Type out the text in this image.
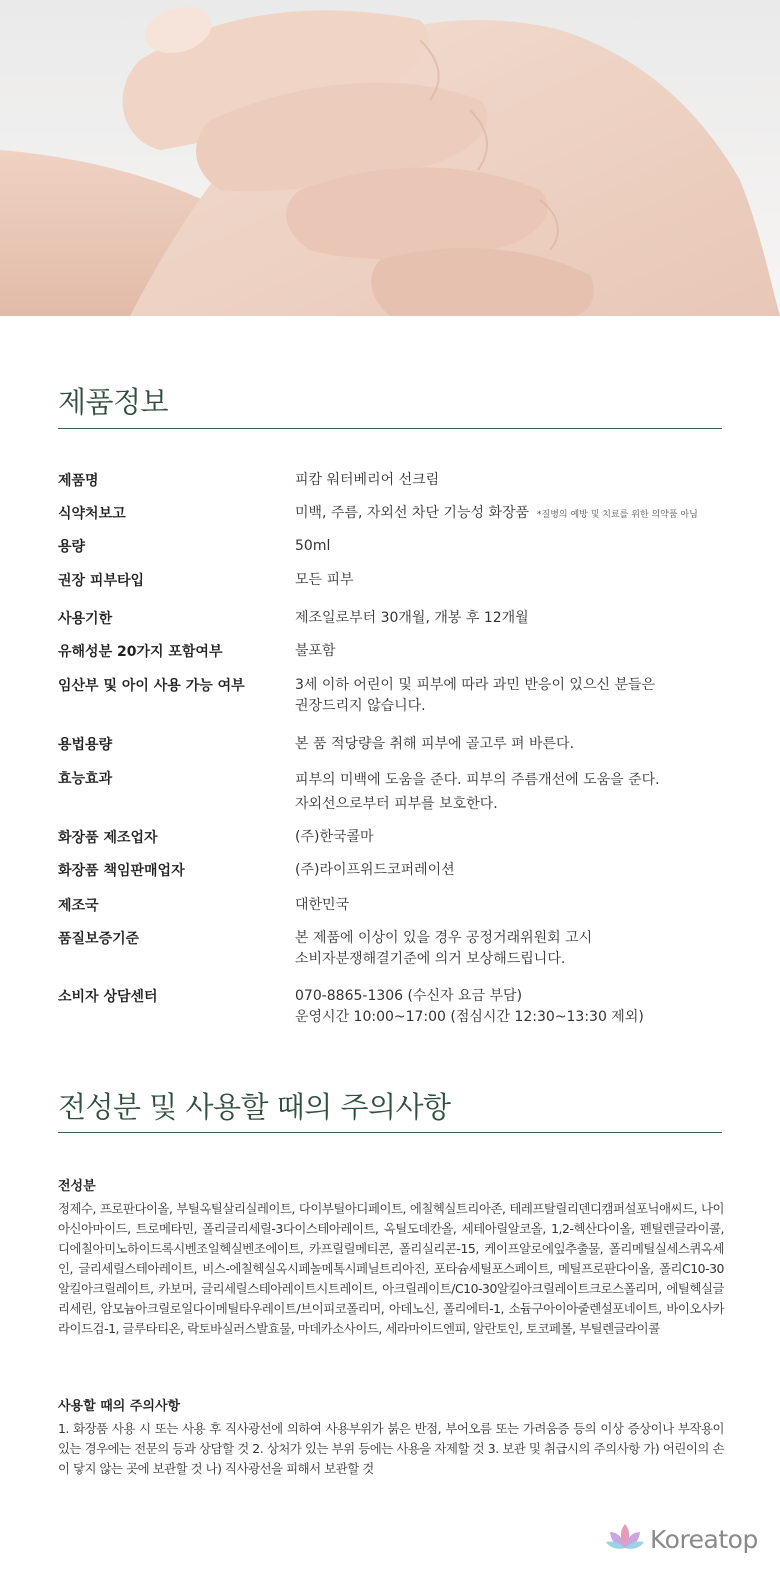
제품정보
제품명	피캄 워터베리어 선크림
식약처보고	미백, 주름, 자외선 차단 기능성 화장품 *질병의 예방 및 치료를 위한 의약품 아님
용량	50ml
권장 피부타입	모든 피부
사용기한	제조일로부터 30개월, 개봉 후 12개월
유해성분 20가지 포함여부	불포함
임산부 및 아이 사용 가능 여부	3세 이하 어린이 및 피부에 따라 과민 반응이 있으신 분들은
권장드리지 않습니다.
용법용량	본 품 적당량을 취해 피부에 골고루 펴 바른다.
효능효과	피부의 미백에 도움을 준다. 피부의 주름개선에 도움을 준다.
자외선으로부터 피부를 보호한다.
화장품 제조업자	(주)한국콜마
화장품 책임판매업자	(주)라이프위드코퍼레이션
제조국	대한민국
품질보증기준	본 제품에 이상이 있을 경우 공정거래위원회 고시
소비자분쟁해결기준에 의거 보상해드립니다.
소비자 상담센터	070-8865-1306 (수신자 요금 부담)
운영시간 10:00~17:00 (점심시간 12:30~13:30 제외)
전성분 및 사용할 때의 주의사항
전성분
정제수, 프로판다이올, 부틸옥틸살리실레이트, 다이부틸아디페이트, 에칠헥실트리아존, 테레프탈릴리덴디캠퍼설포닉애씨드, 나이아신아마이드, 트로메타민, 폴리글리세릴-3다이스테아레이트, 옥틸도데칸올, 세테아릴알코올, 1,2-헥산다이올, 펜틸렌글라이콜, 디에칠아미노하이드록시벤조일헥실벤조에이트, 카프릴릴메티콘, 폴리실리콘-15, 케이프알로에잎추출물, 폴리메틸실세스퀴옥세인, 글리세릴스테아레이트, 비스-에칠헥실옥시페놀메톡시페닐트리아진, 포타슘세틸포스페이트, 메틸프로판다이올, 폴리C10-30알킬아크릴레이트, 카보머, 글리세릴스테아레이트시트레이트, 아크릴레이트/C10-30알킬아크릴레이트크로스폴리머, 에틸헥실글리세린, 암모늄아크릴로일다이메틸타우레이트/브이피코폴리머, 아데노신, 폴리에터-1, 소듐구아이아줄렌설포네이트, 바이오사카라이드검-1, 글루타티온, 락토바실러스발효물, 마데카소사이드, 세라마이드엔피, 알란토인, 토코페롤, 부틸렌글라이콜
사용할 때의 주의사항
1. 화장품 사용 시 또는 사용 후 직사광선에 의하여 사용부위가 붉은 반점, 부어오름 또는 가려움증 등의 이상 증상이나 부작용이 있는 경우에는 전문의 등과 상담할 것 2. 상처가 있는 부위 등에는 사용을 자제할 것 3. 보관 및 취급시의 주의사항 가) 어린이의 손이 닿지 않는 곳에 보관할 것 나) 직사광선을 피해서 보관할 것
Koreatop
